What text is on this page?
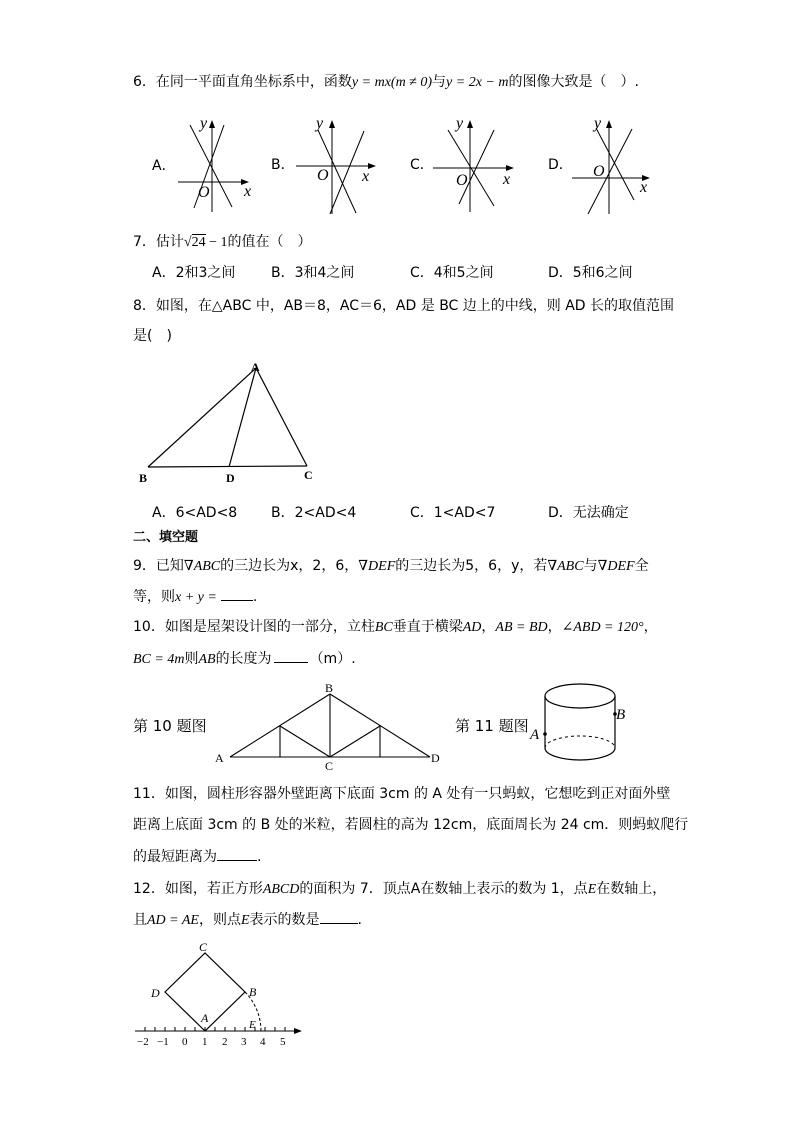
6．在同一平面直角坐标系中，函数y = mx(m ≠ 0)与y = 2x − m的图像大致是（　）.
A．
y
x
O
B．
y
x
O
C．
y
x
O
D．
y
x
O
7．估计√24 − 1的值在（　）
A．2和3之间	B．3和4之间	C．4和5之间	D．5和6之间
8．如图，在△ABC 中，AB＝8，AC＝6，AD 是 BC 边上的中线，则 AD 长的取值范围
是(　)
A
B	C
D
A．6<AD<8 B．2<AD<4	C．1<AD<7	D．无法确定
二、填空题
9．已知∇ABC的三边长为x，2，6，∇DEF的三边长为5，6，y，若∇ABC与∇DEF全
等，则x + y =	.
10．如图是屋架设计图的一部分，立柱BC垂直于横梁AD，AB = BD，∠ABD = 120°，
BC = 4m则AB的长度为	（m）.
第 10 题图
B
A
C
D
第 11 题图
B
A
11．如图，圆柱形容器外壁距离下底面 3cm 的 A 处有一只蚂蚁，它想吃到正对面外壁
距离上底面 3cm 的 B 处的米粒，若圆柱的高为 12cm，底面周长为 24 cm．则蚂蚁爬行
的最短距离为	.
12．如图，若正方形ABCD的面积为 7．顶点A在数轴上表示的数为 1，点E在数轴上，
且AD = AE，则点E表示的数是	.
−2 −1 0 1 2 3 4 5
C
D	B
A	E
